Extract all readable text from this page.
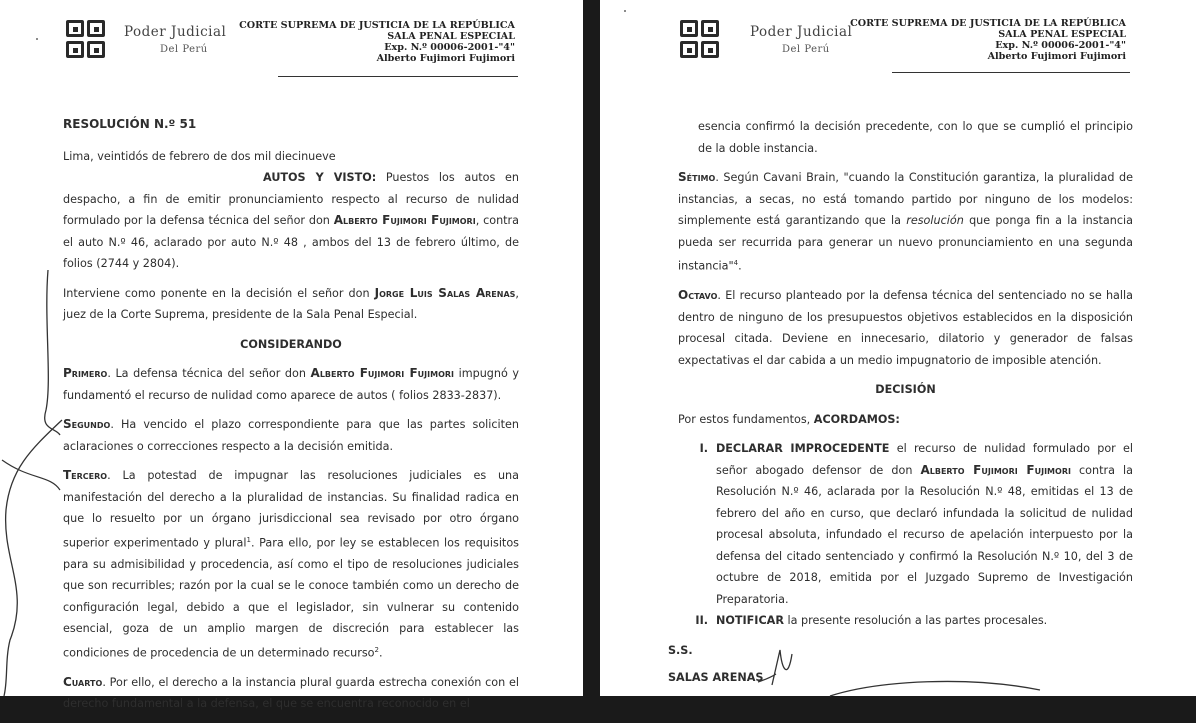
Poder Judicial
Del Perú
CORTE SUPREMA DE JUSTICIA DE LA REPÚBLICA
SALA PENAL ESPECIAL
Exp. N.º 00006-2001-"4"
Alberto Fujimori Fujimori
RESOLUCIÓN N.º 51

Lima, veintidós de febrero de dos mil diecinueve

AUTOS Y VISTO: Puestos los autos en despacho, a fin de emitir pronunciamiento respecto al recurso de nulidad formulado por la defensa técnica del señor don Alberto Fujimori Fujimori, contra el auto N.º 46, aclarado por auto N.º 48 , ambos del 13 de febrero último, de folios (2744 y 2804).

Interviene como ponente en la decisión el señor don Jorge Luis Salas Arenas, juez de la Corte Suprema, presidente de la Sala Penal Especial.

CONSIDERANDO

Primero. La defensa técnica del señor don Alberto Fujimori Fujimori impugnó y fundamentó el recurso de nulidad como aparece de autos ( folios 2833-2837).

Segundo. Ha vencido el plazo correspondiente para que las partes soliciten aclaraciones o correcciones respecto a la decisión emitida.

Tercero. La potestad de impugnar las resoluciones judiciales es una manifestación del derecho a la pluralidad de instancias. Su finalidad radica en que lo resuelto por un órgano jurisdiccional sea revisado por otro órgano superior experimentado y plural$^1$. Para ello, por ley se establecen los requisitos para su admisibilidad y procedencia, así como el tipo de resoluciones judiciales que son recurribles; razón por la cual se le conoce también como un derecho de configuración legal, debido a que el legislador, sin vulnerar su contenido esencial, goza de un amplio margen de discreción para establecer las condiciones de procedencia de un determinado recurso$^2$.

Cuarto. Por ello, el derecho a la instancia plural guarda estrecha conexión con el derecho fundamental a la defensa, el que se encuentra reconocido en el

Poder Judicial
Del Perú
CORTE SUPREMA DE JUSTICIA DE LA REPÚBLICA
SALA PENAL ESPECIAL
Exp. N.º 00006-2001-"4"
Alberto Fujimori Fujimori

esencia confirmó la decisión precedente, con lo que se cumplió el principio de la doble instancia.

Sétimo. Según Cavani Brain, "cuando la Constitución garantiza, la pluralidad de instancias, a secas, no está tomando partido por ninguno de los modelos: simplemente está garantizando que la resolución que ponga fin a la instancia pueda ser recurrida para generar un nuevo pronunciamiento en una segunda instancia"$^4$.

Octavo. El recurso planteado por la defensa técnica del sentenciado no se halla dentro de ninguno de los presupuestos objetivos establecidos en la disposición procesal citada. Deviene en innecesario, dilatorio y generador de falsas expectativas el dar cabida a un medio impugnatorio de imposible atención.

DECISIÓN

Por estos fundamentos, ACORDAMOS:

I. DECLARAR IMPROCEDENTE el recurso de nulidad formulado por el señor abogado defensor de don Alberto Fujimori Fujimori contra la Resolución N.º 46, aclarada por la Resolución N.º 48, emitidas el 13 de febrero del año en curso, que declaró infundada la solicitud de nulidad procesal absoluta, infundado el recurso de apelación interpuesto por la defensa del citado sentenciado y confirmó la Resolución N.º 10, del 3 de octubre de 2018, emitida por el Juzgado Supremo de Investigación Preparatoria.
II. NOTIFICAR la presente resolución a las partes procesales.
S.S.
SALAS ARENAS
